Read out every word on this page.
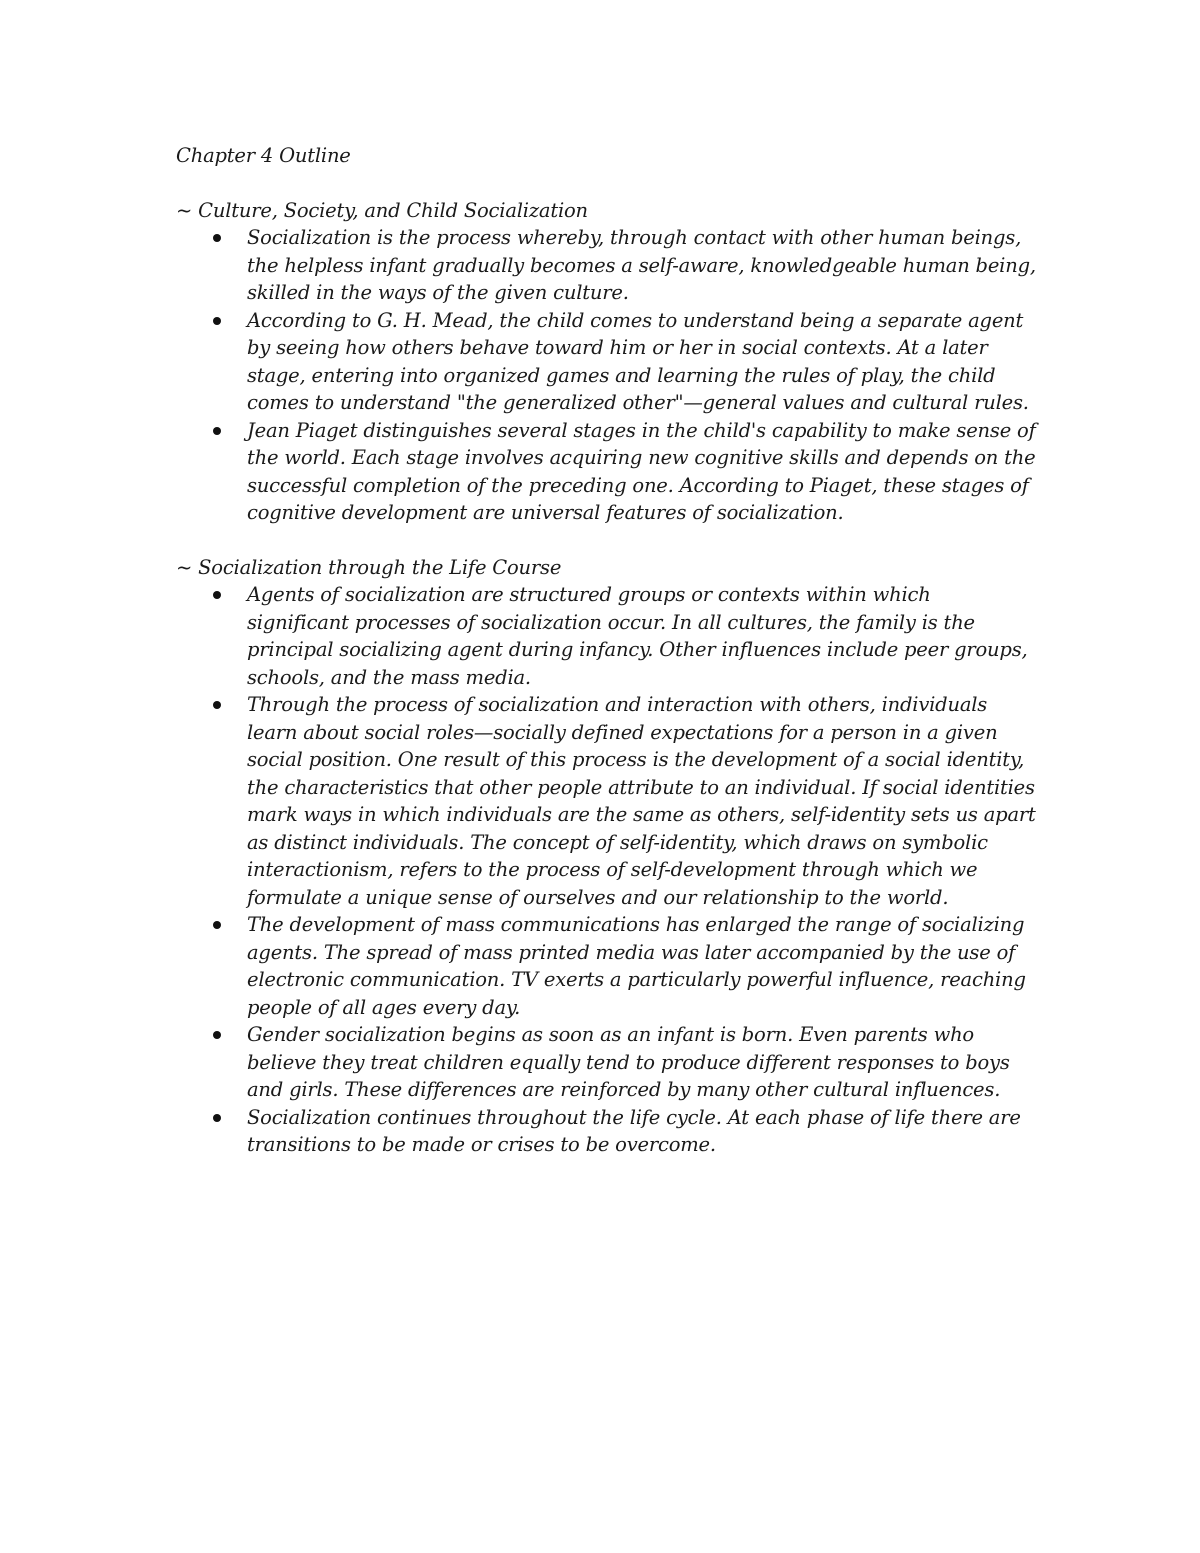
Chapter 4 Outline

~ Culture, Society, and Child Socialization

Socialization is the process whereby, through contact with other human beings, the helpless infant gradually becomes a self-aware, knowledgeable human being, skilled in the ways of the given culture.
According to G. H. Mead, the child comes to understand being a separate agent by seeing how others behave toward him or her in social contexts. At a later stage, entering into organized games and learning the rules of play, the child comes to understand "the generalized other"—general values and cultural rules.
Jean Piaget distinguishes several stages in the child's capability to make sense of the world. Each stage involves acquiring new cognitive skills and depends on the successful completion of the preceding one. According to Piaget, these stages of cognitive development are universal features of socialization.

~ Socialization through the Life Course

Agents of socialization are structured groups or contexts within which significant processes of socialization occur. In all cultures, the family is the principal socializing agent during infancy. Other influences include peer groups, schools, and the mass media.
Through the process of socialization and interaction with others, individuals learn about social roles—socially defined expectations for a person in a given social position. One result of this process is the development of a social identity, the characteristics that other people attribute to an individual. If social identities mark ways in which individuals are the same as others, self-identity sets us apart as distinct individuals. The concept of self-identity, which draws on symbolic interactionism, refers to the process of self-development through which we formulate a unique sense of ourselves and our relationship to the world.
The development of mass communications has enlarged the range of socializing agents. The spread of mass printed media was later accompanied by the use of electronic communication. TV exerts a particularly powerful influence, reaching people of all ages every day.
Gender socialization begins as soon as an infant is born. Even parents who believe they treat children equally tend to produce different responses to boys and girls. These differences are reinforced by many other cultural influences.
Socialization continues throughout the life cycle. At each phase of life there are transitions to be made or crises to be overcome.
